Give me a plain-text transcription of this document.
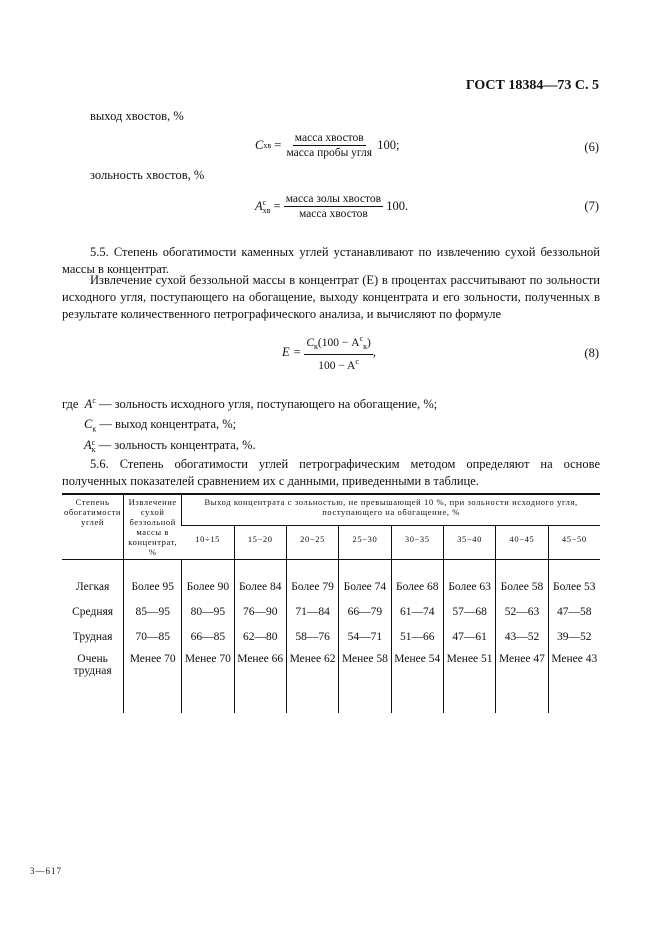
ГОСТ 18384—73 С. 5
выход хвостов, %
C хв = $\frac{\text{масса хвостов}}{\text{масса пробы угля}}$
100;	(6)
зольность хвостов, %
A c
хв = $\frac{\text{масса золы хвостов}}{\text{масса хвостов}}$
100.	(7)
5.5. Степень обогатимости каменных углей устанавливают по извлечению сухой беззольной массы в концентрат.
Извлечение сухой беззольной массы в концентрат (Е) в процентах рассчитывают по зольности исходного угля, поступающего на обогащение, выходу концентрата и его зольности, полученных в результате количественного петрографического анализа, и вычисляют по формуле
E =
$\frac{C_к(100 - A^c_к)}{100 - A^c}$ ,	(8)
где $A^c$ — зольность исходного угля, поступающего на обогащение, %;
$C_к$ — выход концентрата, %;
A c
к — зольность концентрата, %.
5.6. Степень обогатимости углей петрографическим методом определяют на основе полученных показателей сравнением их с данными, приведенными в таблице.
Степень обогатимости углей	Извлечение сухой беззольной массы в концентрат, %	Выход концентрата с зольностью, не превышающей 10 %, при зольности исходного угля, поступающего на обогащение, %							
		10÷15	15−20	20−25	25−30	30−35	35−40	40−45	45−50
Легкая	Более 95	Более 90	Более 84	Более 79	Более 74	Более 68	Более 63	Более 58	Более 53
Средняя	85—95	80—95	76—90	71—84	66—79	61—74	57—68	52—63	47—58
Трудная	70—85	66—85	62—80	58—76	54—71	51—66	47—61	43—52	39—52
Очень трудная	Менее 70	Менее 70	Менее 66	Менее 62	Менее 58	Менее 54	Менее 51	Менее 47	Менее 43
3—617
